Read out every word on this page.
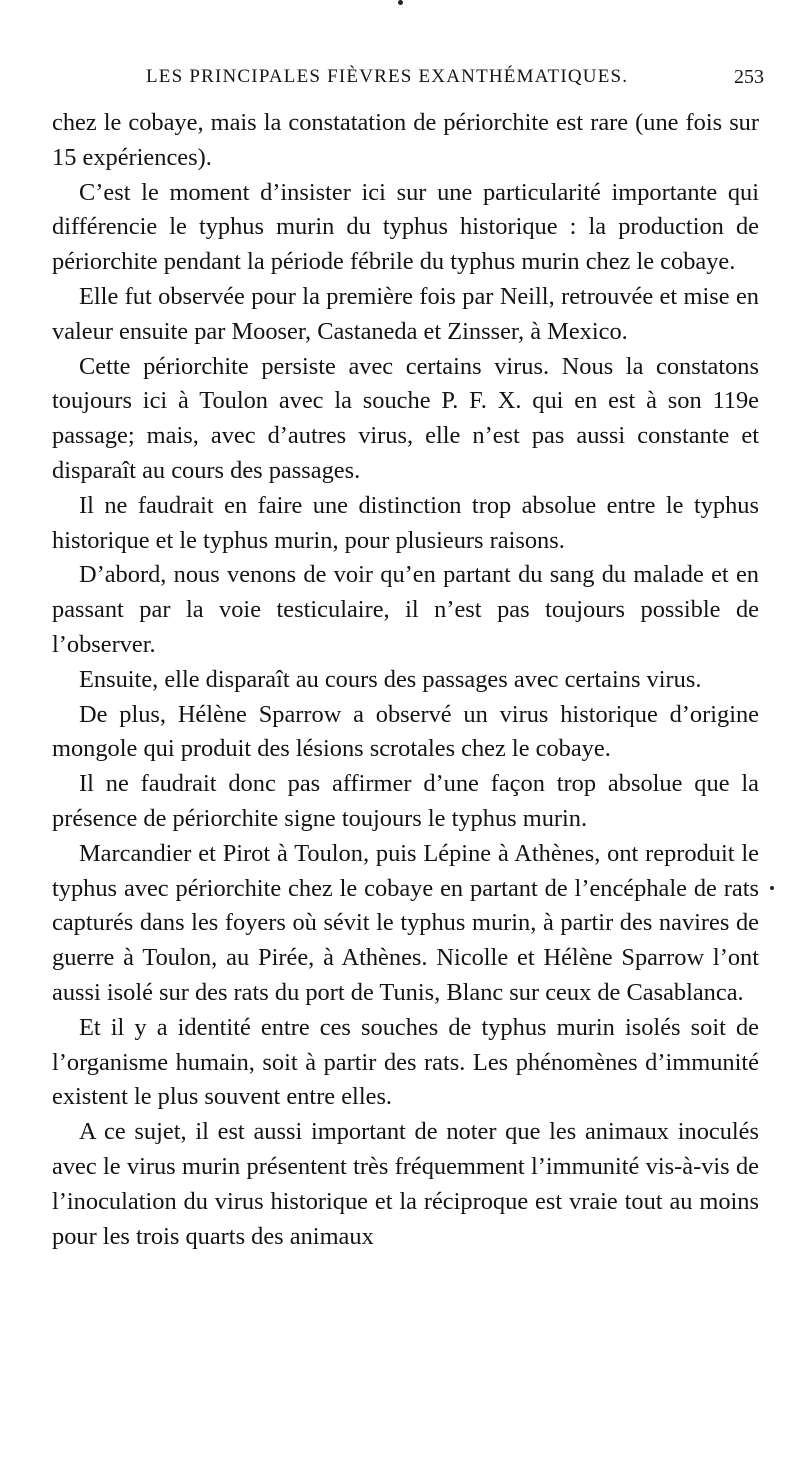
LES PRINCIPALES FIÈVRES EXANTHÉMATIQUES.	253

chez le cobaye, mais la constatation de périorchite est rare (une fois sur 15 expériences).

C’est le moment d’insister ici sur une particularité importante qui différencie le typhus murin du typhus historique : la production de périorchite pendant la période fébrile du typhus murin chez le cobaye.

Elle fut observée pour la première fois par Neill, retrouvée et mise en valeur ensuite par Mooser, Castaneda et Zinsser, à Mexico.

Cette périorchite persiste avec certains virus. Nous la constatons toujours ici à Toulon avec la souche P. F. X. qui en est à son 119e passage; mais, avec d’autres virus, elle n’est pas aussi constante et disparaît au cours des passages.

Il ne faudrait en faire une distinction trop absolue entre le typhus historique et le typhus murin, pour plusieurs raisons.

D’abord, nous venons de voir qu’en partant du sang du malade et en passant par la voie testiculaire, il n’est pas toujours possible de l’observer.

Ensuite, elle disparaît au cours des passages avec certains virus.

De plus, Hélène Sparrow a observé un virus historique d’origine mongole qui produit des lésions scrotales chez le cobaye.

Il ne faudrait donc pas affirmer d’une façon trop absolue que la présence de périorchite signe toujours le typhus murin.

Marcandier et Pirot à Toulon, puis Lépine à Athènes, ont reproduit le typhus avec périorchite chez le cobaye en partant de l’encéphale de rats capturés dans les foyers où sévit le typhus murin, à partir des navires de guerre à Toulon, au Pirée, à Athènes. Nicolle et Hélène Sparrow l’ont aussi isolé sur des rats du port de Tunis, Blanc sur ceux de Casablanca.

Et il y a identité entre ces souches de typhus murin isolés soit de l’organisme humain, soit à partir des rats. Les phénomènes d’immunité existent le plus souvent entre elles.

A ce sujet, il est aussi important de noter que les animaux inoculés avec le virus murin présentent très fréquemment l’immunité vis-à-vis de l’inoculation du virus historique et la réciproque est vraie tout au moins pour les trois quarts des animaux
